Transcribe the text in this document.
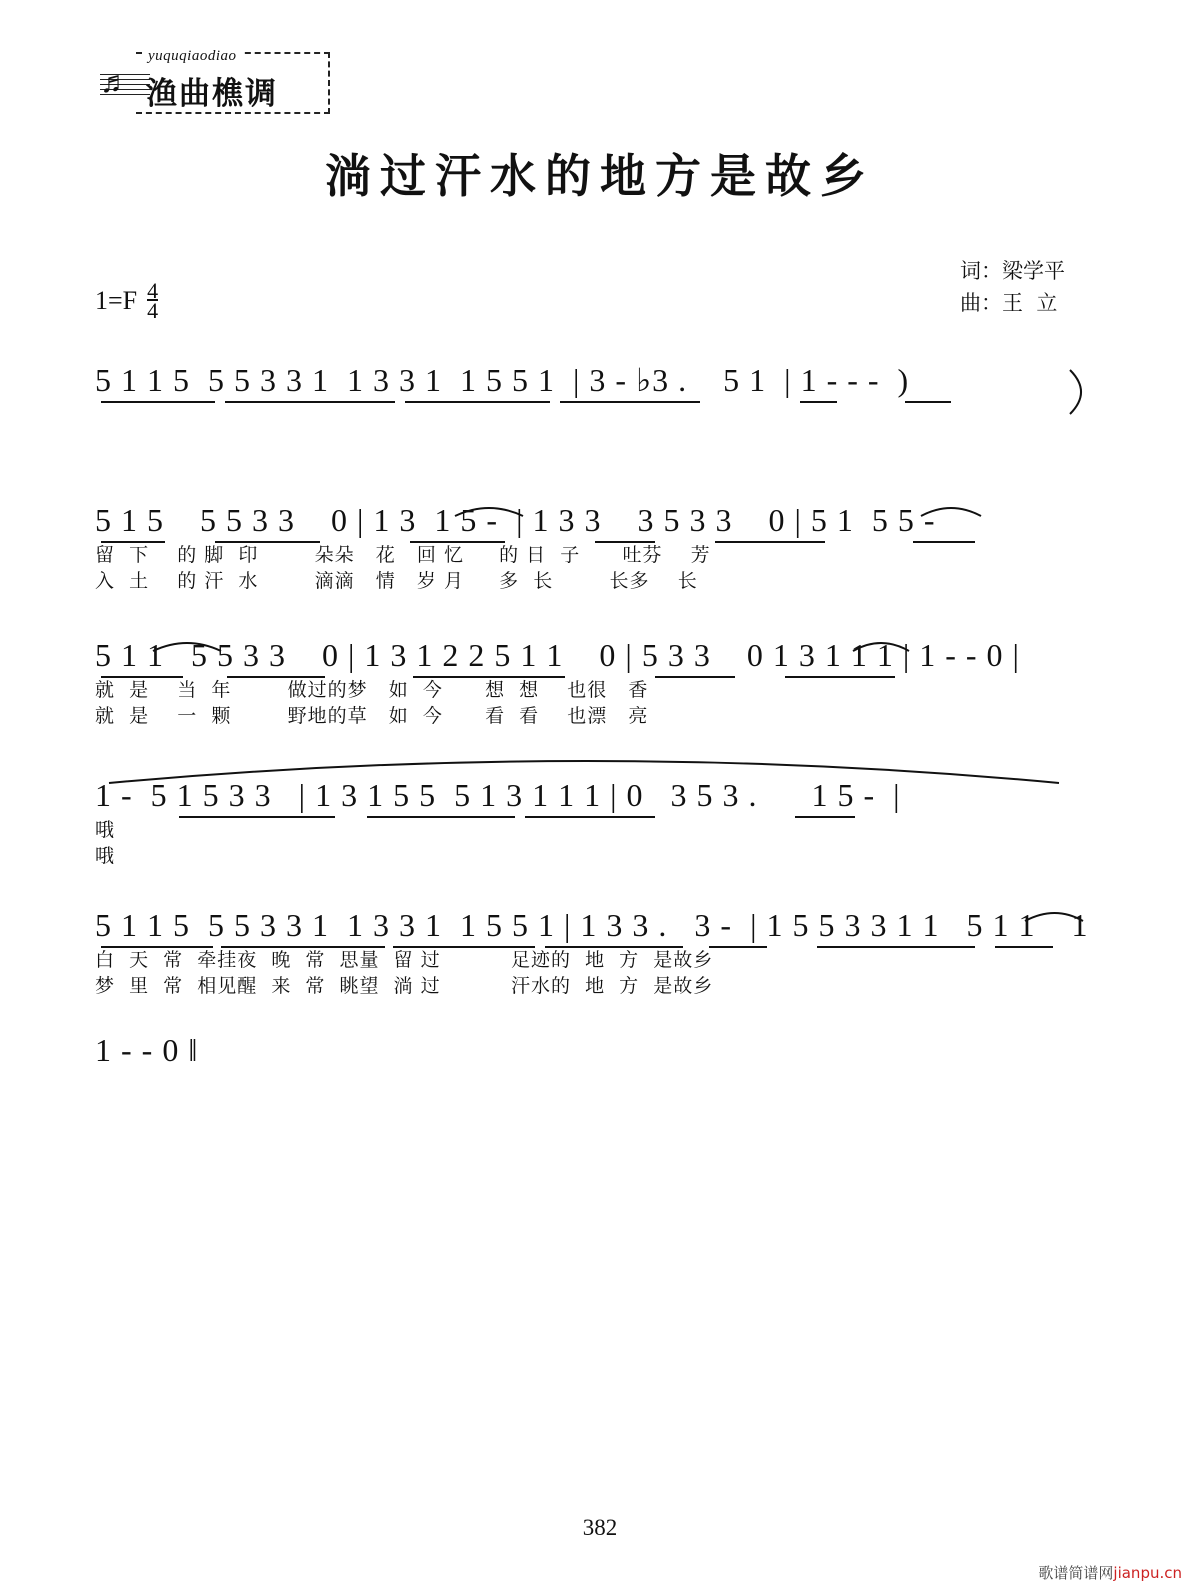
♬
yuquqiaodiao
渔曲樵调
淌过汗水的地方是故乡
词：梁学平
曲：王  立
$1=F \frac{4}{4}$
5 1 1 5  5 5 3 3 1  1 3 3 1  1 5 5 1  | 3 - ♭3 .    5 1  | 1 - - -  )
5 1 5    5 5 3 3    0 | 1 3  1 5 -  | 1 3 3    3 5 3 3    0 | 5 1  5 5 -
留  下    的 脚  印        朵朵   花   回 忆     的 日  子      吐芬    芳
入  土    的 汗  水        滴滴   情   岁 月     多  长        长多    长
5 1 1   5 5 3 3    0 | 1 3 1 2 2 5 1 1    0 | 5 3 3    0 1 3 1 1 1 | 1 - - 0 |
就  是    当  年        做过的梦   如  今      想  想    也很   香
就  是    一  颗        野地的草   如  今      看  看    也漂   亮
1 -  5 1 5 3 3   | 1 3 1 5 5  5 1 3 1 1 1 | 0   3 5 3 .      1 5 -  |
哦
哦
5 1 1 5  5 5 3 3 1  1 3 3 1  1 5 5 1 | 1 3 3 .   3 -  | 1 5 5 3 3 1 1   5 1 1    1
白  天  常  牵挂夜  晚  常  思量  留 过          足迹的  地  方  是故乡
梦  里  常  相见醒  来  常  眺望  淌 过          汗水的  地  方  是故乡
1 - - 0 ‖
382
歌谱简谱网jianpu.cn
